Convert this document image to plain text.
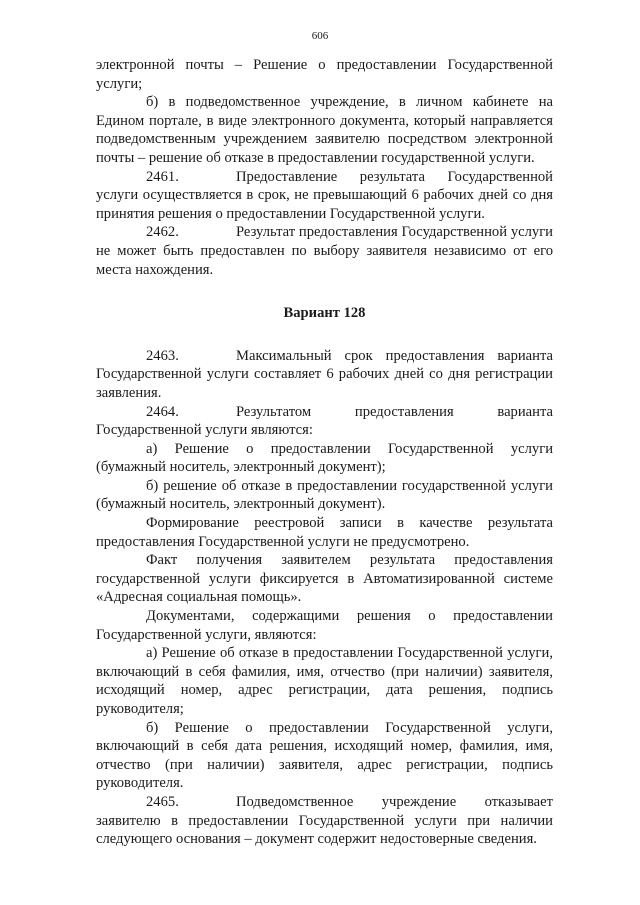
606

электронной почты – Решение о предоставлении Государственной услуги;

б) в подведомственное учреждение, в личном кабинете на Едином портале, в виде электронного документа, который направляется подведомственным учреждением заявителю посредством электронной почты – решение об отказе в предоставлении государственной услуги.

2461.	Предоставление результата Государственной услуги осуществляется в срок, не превышающий 6 рабочих дней со дня принятия решения о предоставлении Государственной услуги.

2462.	Результат предоставления Государственной услуги не может быть предоставлен по выбору заявителя независимо от его места нахождения.

Вариант 128

2463.	Максимальный срок предоставления варианта Государственной услуги составляет 6 рабочих дней со дня регистрации заявления.

2464.	Результатом предоставления варианта Государственной услуги являются:

а) Решение о предоставлении Государственной услуги (бумажный носитель, электронный документ);

б) решение об отказе в предоставлении государственной услуги (бумажный носитель, электронный документ).

Формирование реестровой записи в качестве результата предоставления Государственной услуги не предусмотрено.

Факт получения заявителем результата предоставления государственной услуги фиксируется в Автоматизированной системе «Адресная социальная помощь».

Документами, содержащими решения о предоставлении Государственной услуги, являются:

а) Решение об отказе в предоставлении Государственной услуги, включающий в себя фамилия, имя, отчество (при наличии) заявителя, исходящий номер, адрес регистрации, дата решения, подпись руководителя;

б) Решение о предоставлении Государственной услуги, включающий в себя дата решения, исходящий номер, фамилия, имя, отчество (при наличии) заявителя, адрес регистрации, подпись руководителя.

2465.	Подведомственное учреждение отказывает заявителю в предоставлении Государственной услуги при наличии следующего основания – документ содержит недостоверные сведения.
